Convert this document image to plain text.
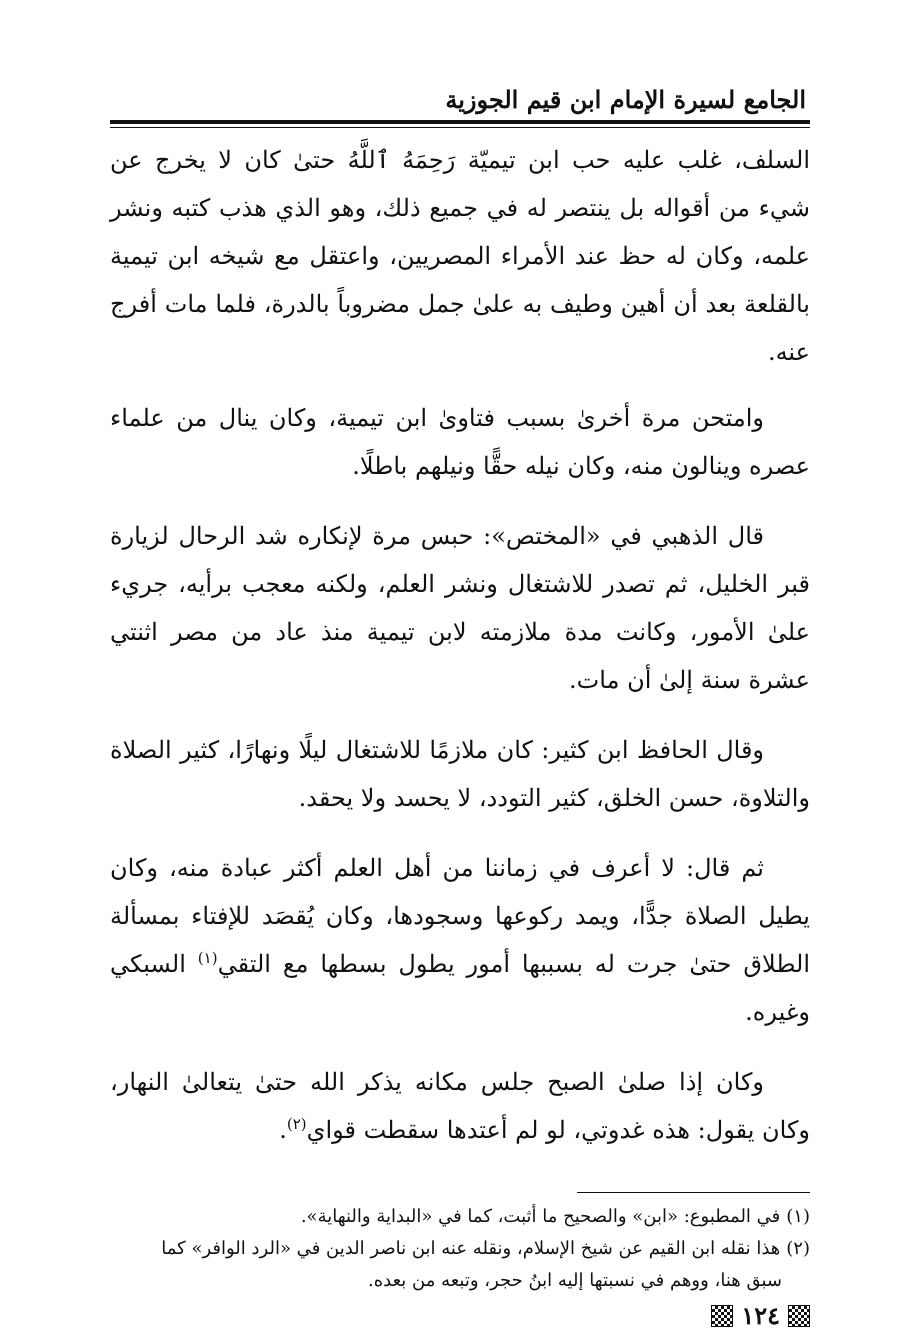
الجامع لسيرة الإمام ابن قيم الجوزية

السلف، غلب عليه حب ابن تيميّة رَحِمَهُ ٱللَّهُ حتىٰ كان لا يخرج عن شيء من أقواله بل ينتصر له في جميع ذلك، وهو الذي هذب كتبه ونشر علمه، وكان له حظ عند الأمراء المصريين، واعتقل مع شيخه ابن تيمية بالقلعة بعد أن أهين وطيف به علىٰ جمل مضروباً بالدرة، فلما مات أفرج عنه.

وامتحن مرة أخرىٰ بسبب فتاوىٰ ابن تيمية، وكان ينال من علماء عصره وينالون منه، وكان نيله حقًّا ونيلهم باطلًا.

قال الذهبي في «المختص»: حبس مرة لإنكاره شد الرحال لزيارة قبر الخليل، ثم تصدر للاشتغال ونشر العلم، ولكنه معجب برأيه، جريء علىٰ الأمور، وكانت مدة ملازمته لابن تيمية منذ عاد من مصر اثنتي عشرة سنة إلىٰ أن مات.

وقال الحافظ ابن كثير: كان ملازمًا للاشتغال ليلًا ونهارًا، كثير الصلاة والتلاوة، حسن الخلق، كثير التودد، لا يحسد ولا يحقد.

ثم قال: لا أعرف في زماننا من أهل العلم أكثر عبادة منه، وكان يطيل الصلاة جدًّا، ويمد ركوعها وسجودها، وكان يُقصَد للإفتاء بمسألة الطلاق حتىٰ جرت له بسببها أمور يطول بسطها مع التقي$^{(١)}$ السبكي وغيره.

وكان إذا صلىٰ الصبح جلس مكانه يذكر الله حتىٰ يتعالىٰ النهار، وكان يقول: هذه غدوتي، لو لم أعتدها سقطت قواي$^{(٢)}$.

(١)في المطبوع: «ابن» والصحيح ما أثبت، كما في «البداية والنهاية».

(٢)هذا نقله ابن القيم عن شيخ الإسلام، ونقله عنه ابن ناصر الدين في «الرد الوافر» كما

سبق هنا، ووهم في نسبتها إليه ابنُ حجر، وتبعه من بعده.

١٢٤
